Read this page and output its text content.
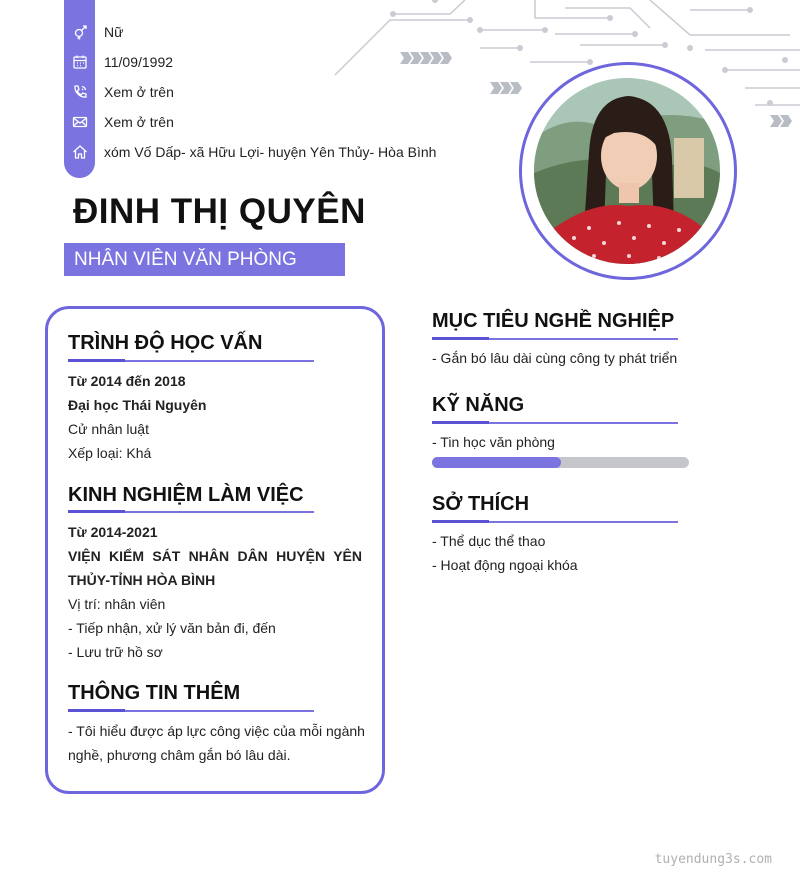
Nữ
11/09/1992
Xem ở trên
Xem ở trên
xóm Vố Dấp- xã Hữu Lợi- huyện Yên Thủy- Hòa Bình
ĐINH THỊ QUYÊN
NHÂN VIÊN VĂN PHÒNG
TRÌNH ĐỘ HỌC VẤN
Từ 2014 đến 2018
Đại học Thái Nguyên
Cử nhân luật
Xếp loại: Khá
KINH NGHIỆM LÀM VIỆC
Từ 2014-2021
VIỆN KIỂM SÁT NHÂN DÂN HUYỆN YÊN
THỦY-TỈNH HÒA BÌNH
Vị trí: nhân viên
- Tiếp nhận, xử lý văn bản đi, đến
- Lưu trữ hồ sơ
THÔNG TIN THÊM
- Tôi hiểu được áp lực công việc của mỗi ngành
nghề, phương châm gắn bó lâu dài.
MỤC TIÊU NGHỀ NGHIỆP
- Gắn bó lâu dài cùng công ty phát triển
KỸ NĂNG
- Tin học văn phòng
SỞ THÍCH
- Thể dục thể thao
- Hoạt động ngoại khóa
tuyendung3s.com
